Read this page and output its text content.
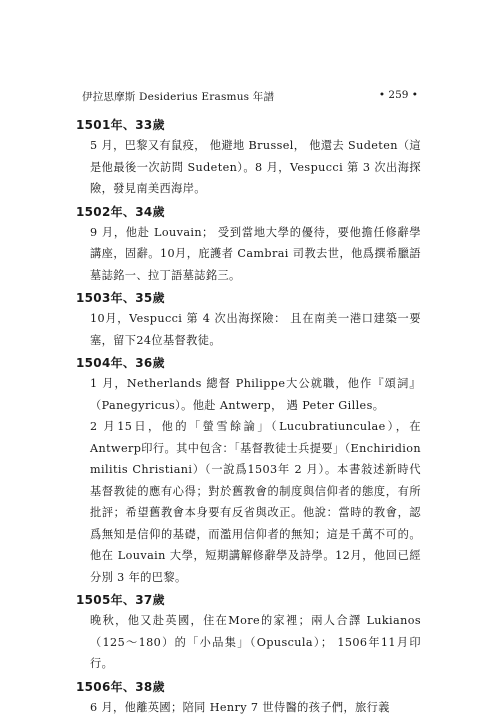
伊拉思摩斯 Desiderius Erasmus 年譜	• 259 •
1501年、33歲

5 月，巴黎又有鼠疫， 他避地 Brussel， 他還去 Sudeten（這是他最後一次訪問 Sudeten）。8 月，Vespucci 第 3 次出海探險，發見南美西海岸。

1502年、34歲

9 月，他赴 Louvain； 受到當地大學的優待，要他擔任修辭學講座，固辭。10月，庇護者 Cambrai 司教去世，他爲撰希臘語墓誌銘一、拉丁語墓誌銘三。

1503年、35歲

10月，Vespucci 第 4 次出海探險： 且在南美一港口建築一要塞，留下24位基督教徒。

1504年、36歲

1 月，Netherlands 總督 Philippe大公就職，他作『頌詞』（Panegyricus）。他赴 Antwerp， 遇 Peter Gilles。

2 月15日，他的「螢雪餘論」（Lucubratiunculae），在 Antwerp印行。其中包含：「基督教徒士兵提要」（Enchiridion militis Christiani）（一說爲1503年 2 月）。本書敍述新時代基督教徒的應有心得；對於舊教會的制度與信仰者的態度，有所批評；希望舊教會本身要有反省與改正。他說：當時的教會，認爲無知是信仰的基礎，而濫用信仰者的無知；這是千萬不可的。他在 Louvain 大學，短期講解修辭學及詩學。12月，他回已經分別 3 年的巴黎。

1505年、37歲

晚秋，他又赴英國，住在More的家裡；兩人合譯 Lukianos（125～180）的「小品集」（Opuscula）； 1506年11月印行。

1506年、38歲

6 月，他離英國；陪同 Henry 7 世侍醫的孩子們，旅行義
